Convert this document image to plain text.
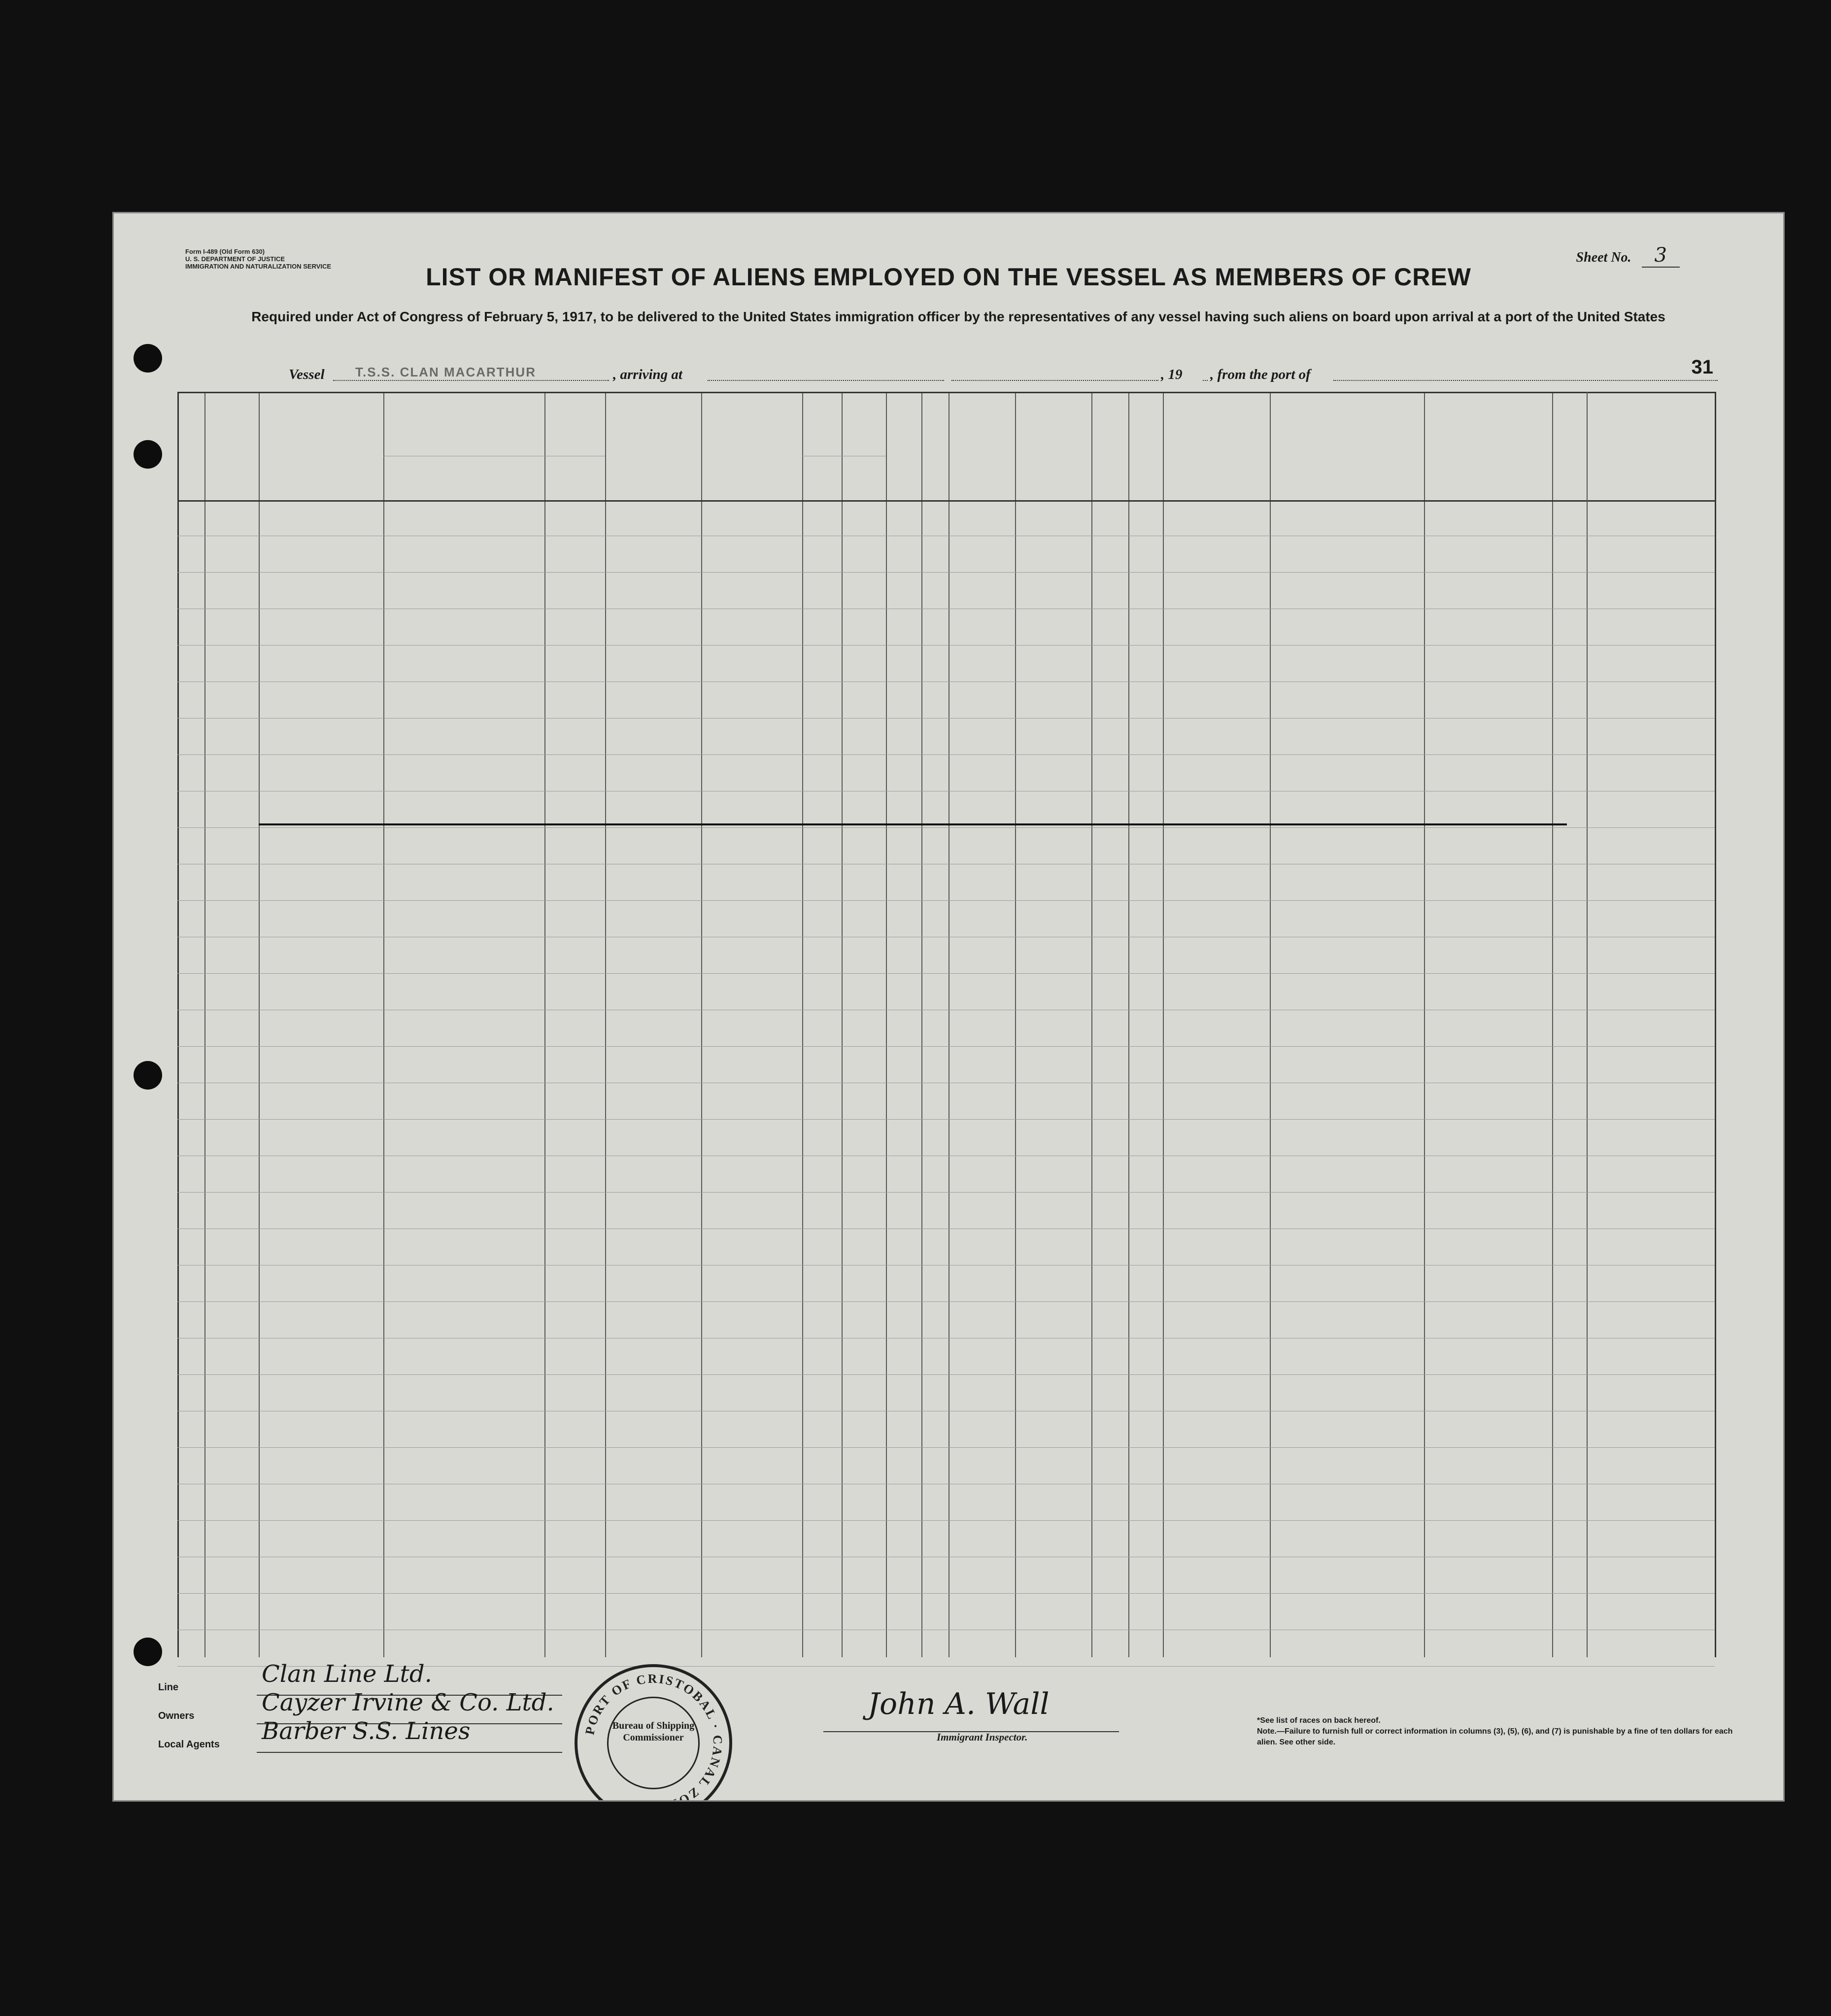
Form I-489 (Old Form 630)
U. S. DEPARTMENT OF JUSTICE
IMMIGRATION AND NATURALIZATION SERVICE
Sheet No. 3
LIST OR MANIFEST OF ALIENS EMPLOYED ON THE VESSEL AS MEMBERS OF CREW
Required under Act of Congress of February 5, 1917, to be delivered to the United States immigration officer by the representatives of any vessel having such aliens on board upon arrival at a port of the United States
Vessel T.S.S. CLAN MACARTHUR	, arriving at	, 19 , from the port of	31
Line	Clan Line Ltd.
Owners	Cayzer Irvine & Co. Ltd.
Local Agents Barber S.S. Lines	PORT OF CRISTOBAL · CANAL ZONE
Bureau of Shipping Commissioner
John A. Wall
Immigrant Inspector.
*See list of races on back hereof.
Note.—Failure to furnish full or correct information in columns (3), (5), (6), and (7) is punishable by a fine of ten dollars for each alien. See other side.
